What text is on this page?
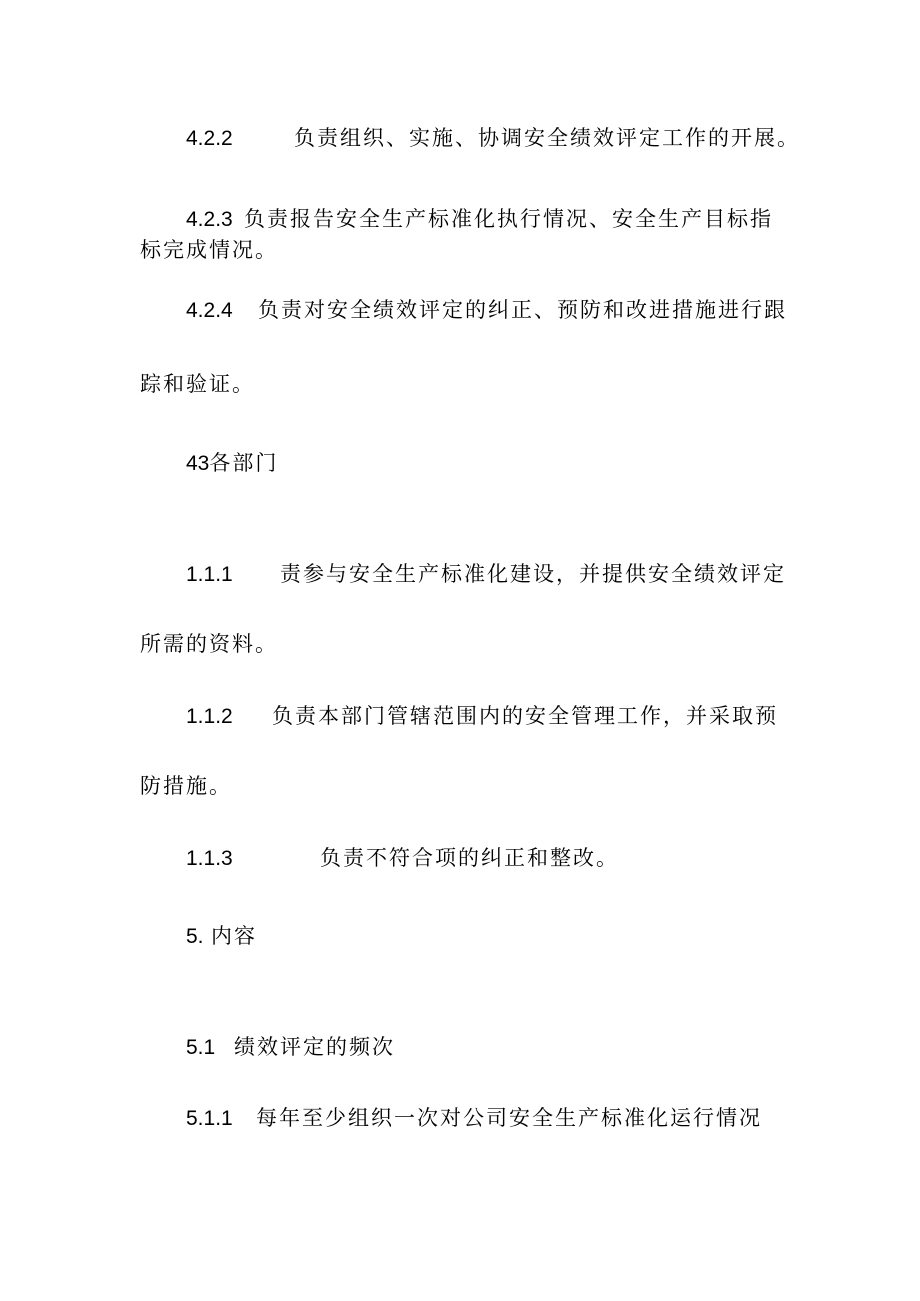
4.2.2	负责组织、实施、协调安全绩效评定工作的开展。
4.2.3 负责报告安全生产标准化执行情况、安全生产目标指
标完成情况。
4.2.4 负责对安全绩效评定的纠正、预防和改进措施进行跟
踪和验证。
43各部门
1.1.1 责参与安全生产标准化建设，并提供安全绩效评定
所需的资料。
1.1.2 负责本部门管辖范围内的安全管理工作，并采取预
防措施。
1.1.3	负责不符合项的纠正和整改。
5. 内容
5.1 绩效评定的频次
5.1.1 每年至少组织一次对公司安全生产标准化运行情况
